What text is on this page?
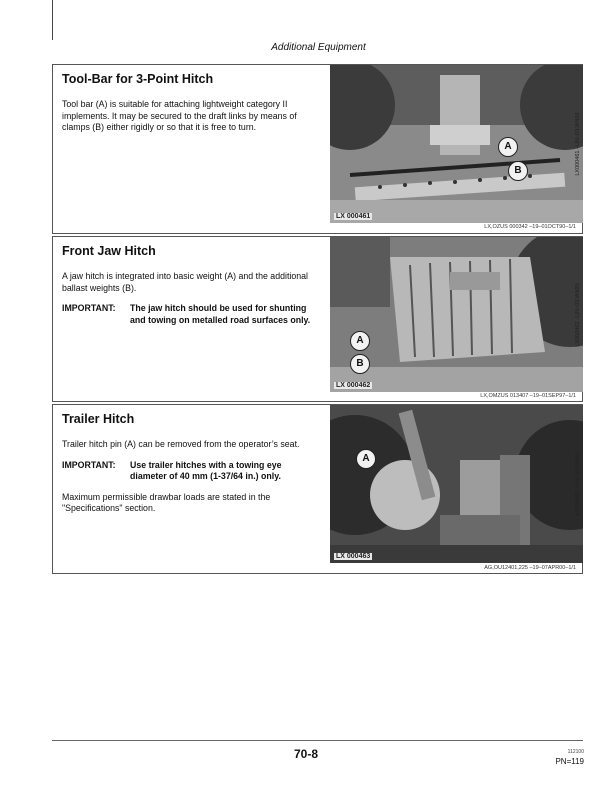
Additional Equipment
Tool-Bar for 3-Point Hitch

Tool bar (A) is suitable for attaching lightweight category II implements. It may be secured to the draft links by means of clamps (B) either rigidly or so that it is free to turn.

A
B
LX 000461
LX000461 –UN–03JAN95
LX,OZUS 000342 –19–01OCT90–1/1
Front Jaw Hitch

A jaw hitch is integrated into basic weight (A) and the additional ballast weights (B).

IMPORTANT:	The jaw hitch should be used for shunting and towing on metalled road surfaces only.
A
B
LX 000462
LX000462 –UN–03JAN95
LX,OMZUS 013407 –19–01SEP97–1/1
Trailer Hitch

Trailer hitch pin (A) can be removed from the operator’s seat.

IMPORTANT:	Use trailer hitches with a towing eye diameter of 40 mm (1-37/64 in.) only.

Maximum permissible drawbar loads are stated in the "Specifications" section.

A
LX 000463
LX000463 –UN–03JAN95
AG,OU12401,225 –19–07APR00–1/1
70-8	112100
PN=119
